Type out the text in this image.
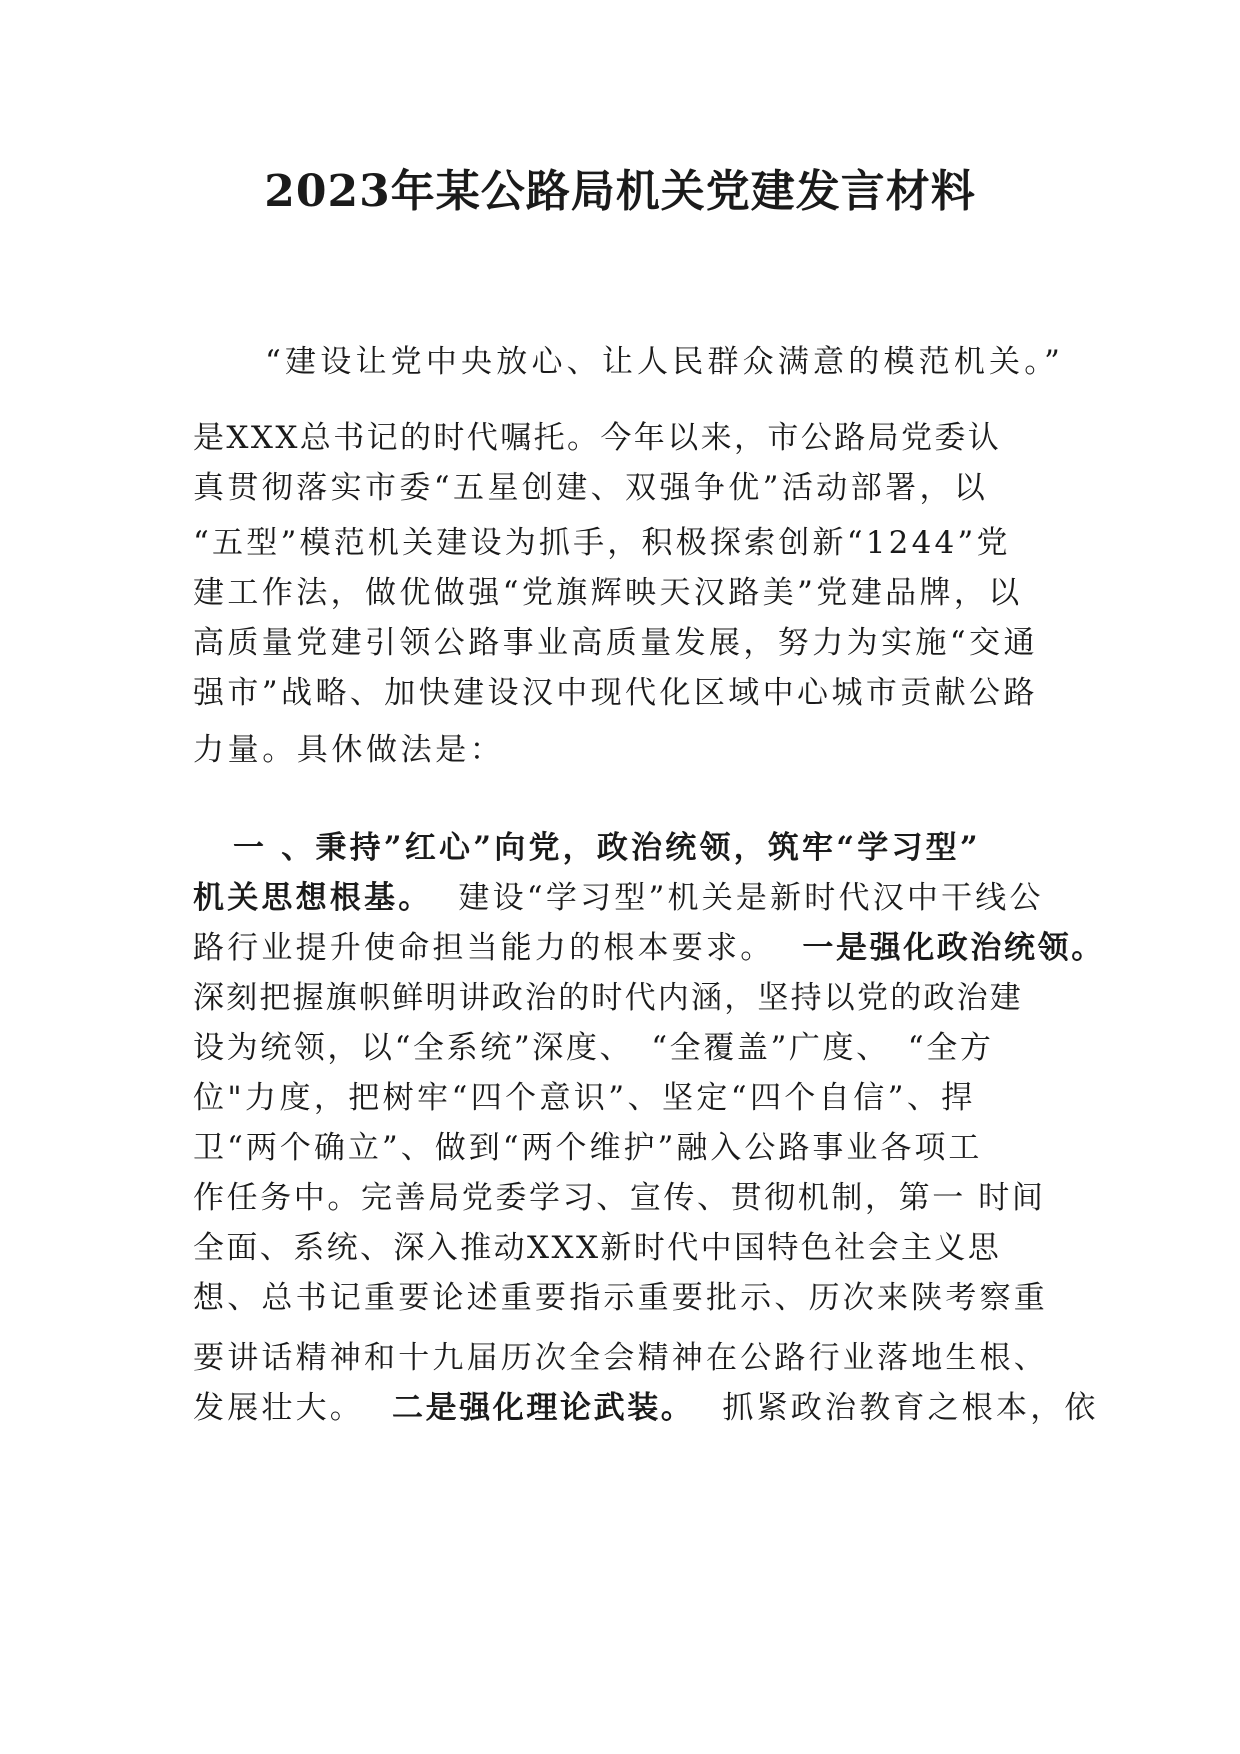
2023年某公路局机关党建发言材料

“建设让党中央放心、让人民群众满意的模范机关。”

是XXX总书记的时代嘱托。今年以来，市公路局党委认

真贯彻落实市委“五星创建、双强争优”活动部署，以

“五型”模范机关建设为抓手，积极探索创新“1244”党

建工作法，做优做强“党旗辉映天汉路美”党建品牌，以

高质量党建引领公路事业高质量发展，努力为实施“交通

强市”战略、加快建设汉中现代化区域中心城市贡献公路

力量。具休做法是：

一 、秉持”红心”向党，政治统领，筑牢“学习型”

机关思想根基。 建设“学习型”机关是新时代汉中干线公

路行业提升使命担当能力的根本要求。 一是强化政治统领。

深刻把握旗帜鲜明讲政治的时代内涵，坚持以党的政治建

设为统领，以“全系统”深度、　“全覆盖”广度、　“全方

位"力度，把树牢“四个意识”、坚定“四个自信”、捍

卫“两个确立”、做到“两个维护”融入公路事业各项工

作任务中。完善局党委学习、宣传、贯彻机制，第一 时间

全面、系统、深入推动XXX新时代中国特色社会主义思

想、总书记重要论述重要指示重要批示、历次来陕考察重

要讲话精神和十九届历次全会精神在公路行业落地生根、

发展壮大。 二是强化理论武装。 抓紧政治教育之根本，依
